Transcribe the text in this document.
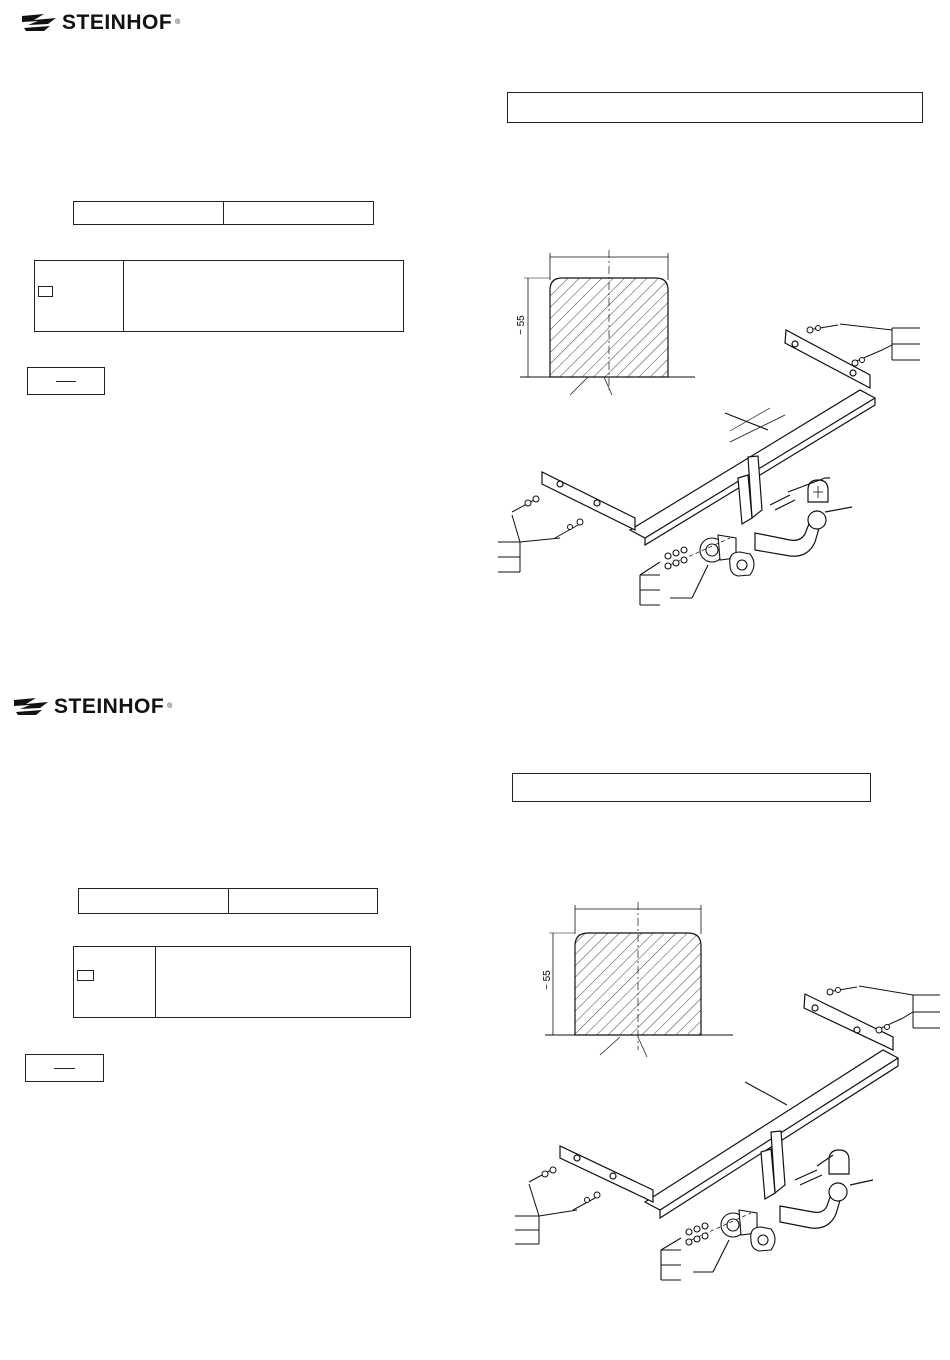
STEINHOF ®
~ 55
STEINHOF ®
~ 55
